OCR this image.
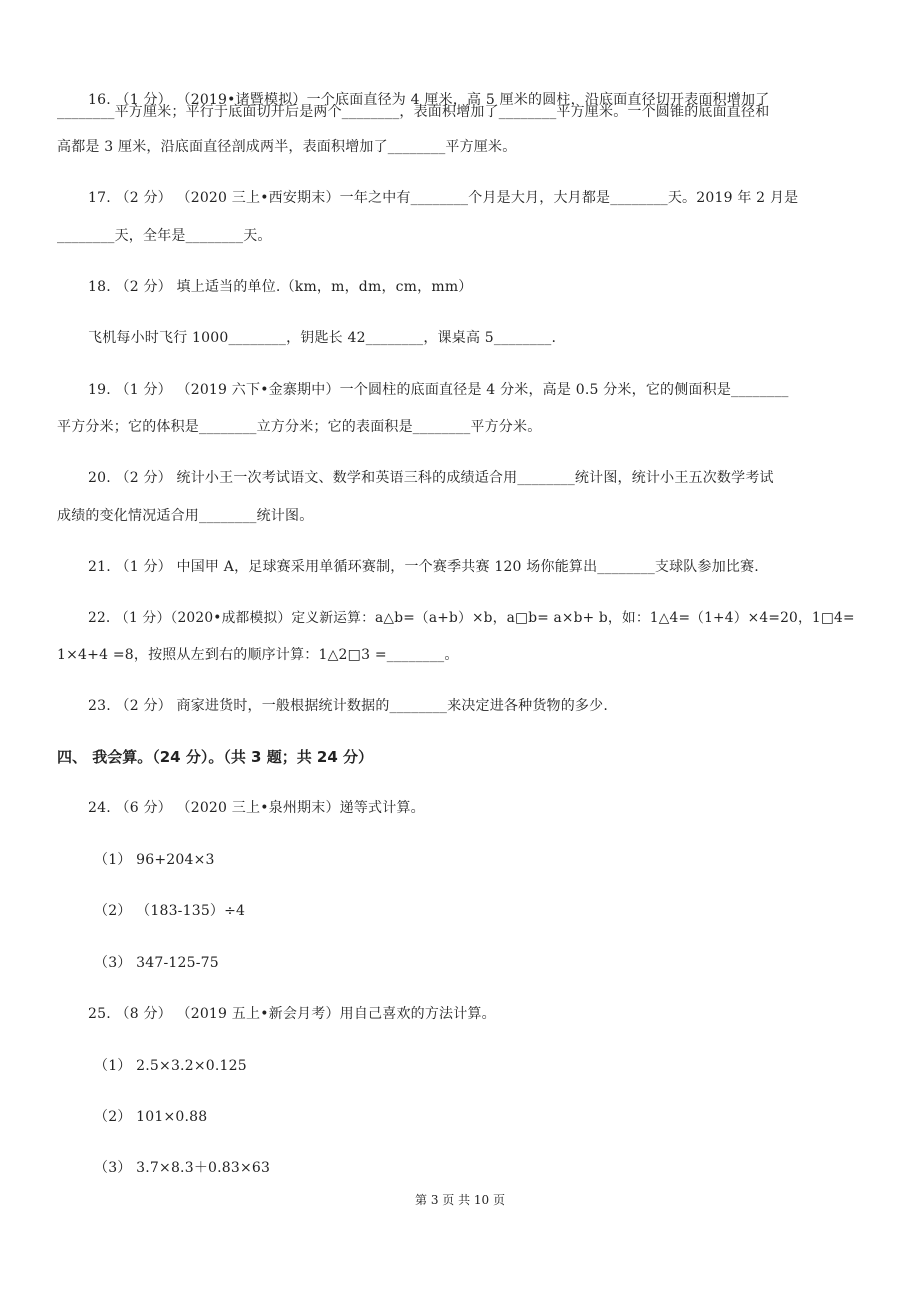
16. （1 分） （2019•诸暨模拟）一个底面直径为 4 厘米，高 5 厘米的圆柱，沿底面直径切开表面积增加了
________平方厘米；平行于底面切开后是两个________，表面积增加了________平方厘米。一个圆锥的底面直径和
高都是 3 厘米，沿底面直径剖成两半，表面积增加了________平方厘米。
17. （2 分） （2020 三上•西安期末）一年之中有________个月是大月，大月都是________天。2019 年 2 月是
________天，全年是________天。
18. （2 分） 填上适当的单位.（km，m，dm，cm，mm）
飞机每小时飞行 1000________，钥匙长 42________，课桌高 5________.
19. （1 分） （2019 六下•金寨期中）一个圆柱的底面直径是 4 分米，高是 0.5 分米，它的侧面积是________
平方分米；它的体积是________立方分米；它的表面积是________平方分米。
20. （2 分） 统计小王一次考试语文、数学和英语三科的成绩适合用________统计图，统计小王五次数学考试
成绩的变化情况适合用________统计图。
21. （1 分） 中国甲 A，足球赛采用单循环赛制，一个赛季共赛 120 场你能算出________支球队参加比赛.
22. （1 分）（2020•成都模拟）定义新运算：a△b=（a+b）×b，a□b= a×b+ b，如：1△4=（1+4）×4=20，1□4=
1×4+4 =8，按照从左到右的顺序计算：1△2□3 =________。
23. （2 分） 商家进货时，一般根据统计数据的________来决定进各种货物的多少.
四、 我会算。（24 分）。（共 3 题；共 24 分）
24. （6 分） （2020 三上•泉州期末）递等式计算。
（1） 96+204×3
（2） （183-135）÷4
（3） 347-125-75
25. （8 分） （2019 五上•新会月考）用自己喜欢的方法计算。
（1） 2.5×3.2×0.125
（2） 101×0.88
（3） 3.7×8.3＋0.83×63
第 3 页 共 10 页
